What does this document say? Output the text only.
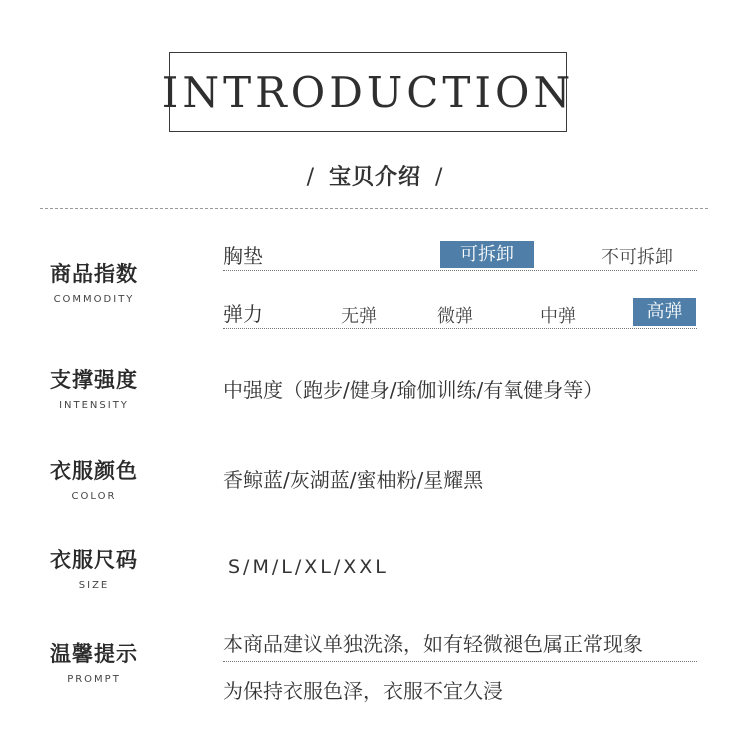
INTRODUCTION
/ 宝贝介绍 /
商品指数
COMMODITY
胸垫	可拆卸	不可拆卸
弹力	无弹	微弹	中弹	高弹
支撑强度
INTENSITY
中强度（跑步/健身/瑜伽训练/有氧健身等）
衣服颜色
COLOR
香鲸蓝/灰湖蓝/蜜柚粉/星耀黑
衣服尺码
SIZE
S/M/L/XL/XXL
温馨提示
PROMPT
本商品建议单独洗涤，如有轻微褪色属正常现象
为保持衣服色泽，衣服不宜久浸
